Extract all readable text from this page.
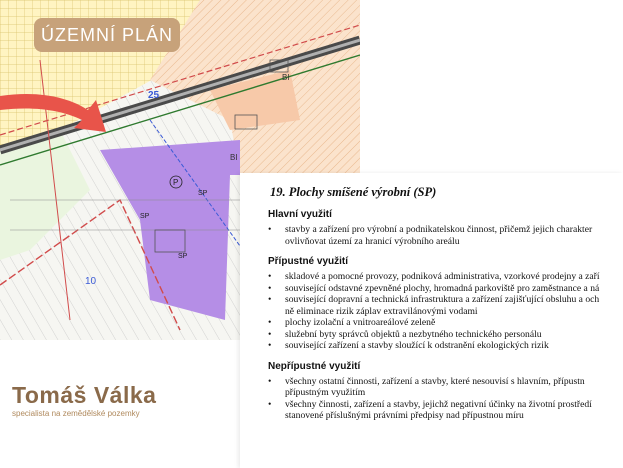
BI
BI
P
SP
SP
SP
25
10
ÚZEMNÍ PLÁN
Tomáš Válka
specialista na zemědělské pozemky
19. Plochy smíšené výrobní (SP)
Hlavní využití
• stavby a zařízení pro výrobní a podnikatelskou činnost, přičemž jejich charakter
ovlivňovat území za hranicí výrobního areálu
Přípustné využití
• skladové a pomocné provozy, podniková administrativa, vzorkové prodejny a zaří
• související odstavné zpevněné plochy, hromadná parkoviště pro zaměstnance a ná
• související dopravní a technická infrastruktura a zařízení zajišťující obsluhu a och
ně eliminace rizik záplav extravilánovými vodami
• plochy izolační a vnitroareálové zeleně
• služební byty správců objektů a nezbytného technického personálu
• související zařízení a stavby sloužící k odstranění ekologických rizik
Nepřípustné využití
• všechny ostatní činnosti, zařízení a stavby, které nesouvisí s hlavním, přípustn
přípustným využitím
• všechny činnosti, zařízení a stavby, jejichž negativní účinky na životní prostředí
stanovené příslušnými právními předpisy nad přípustnou míru
